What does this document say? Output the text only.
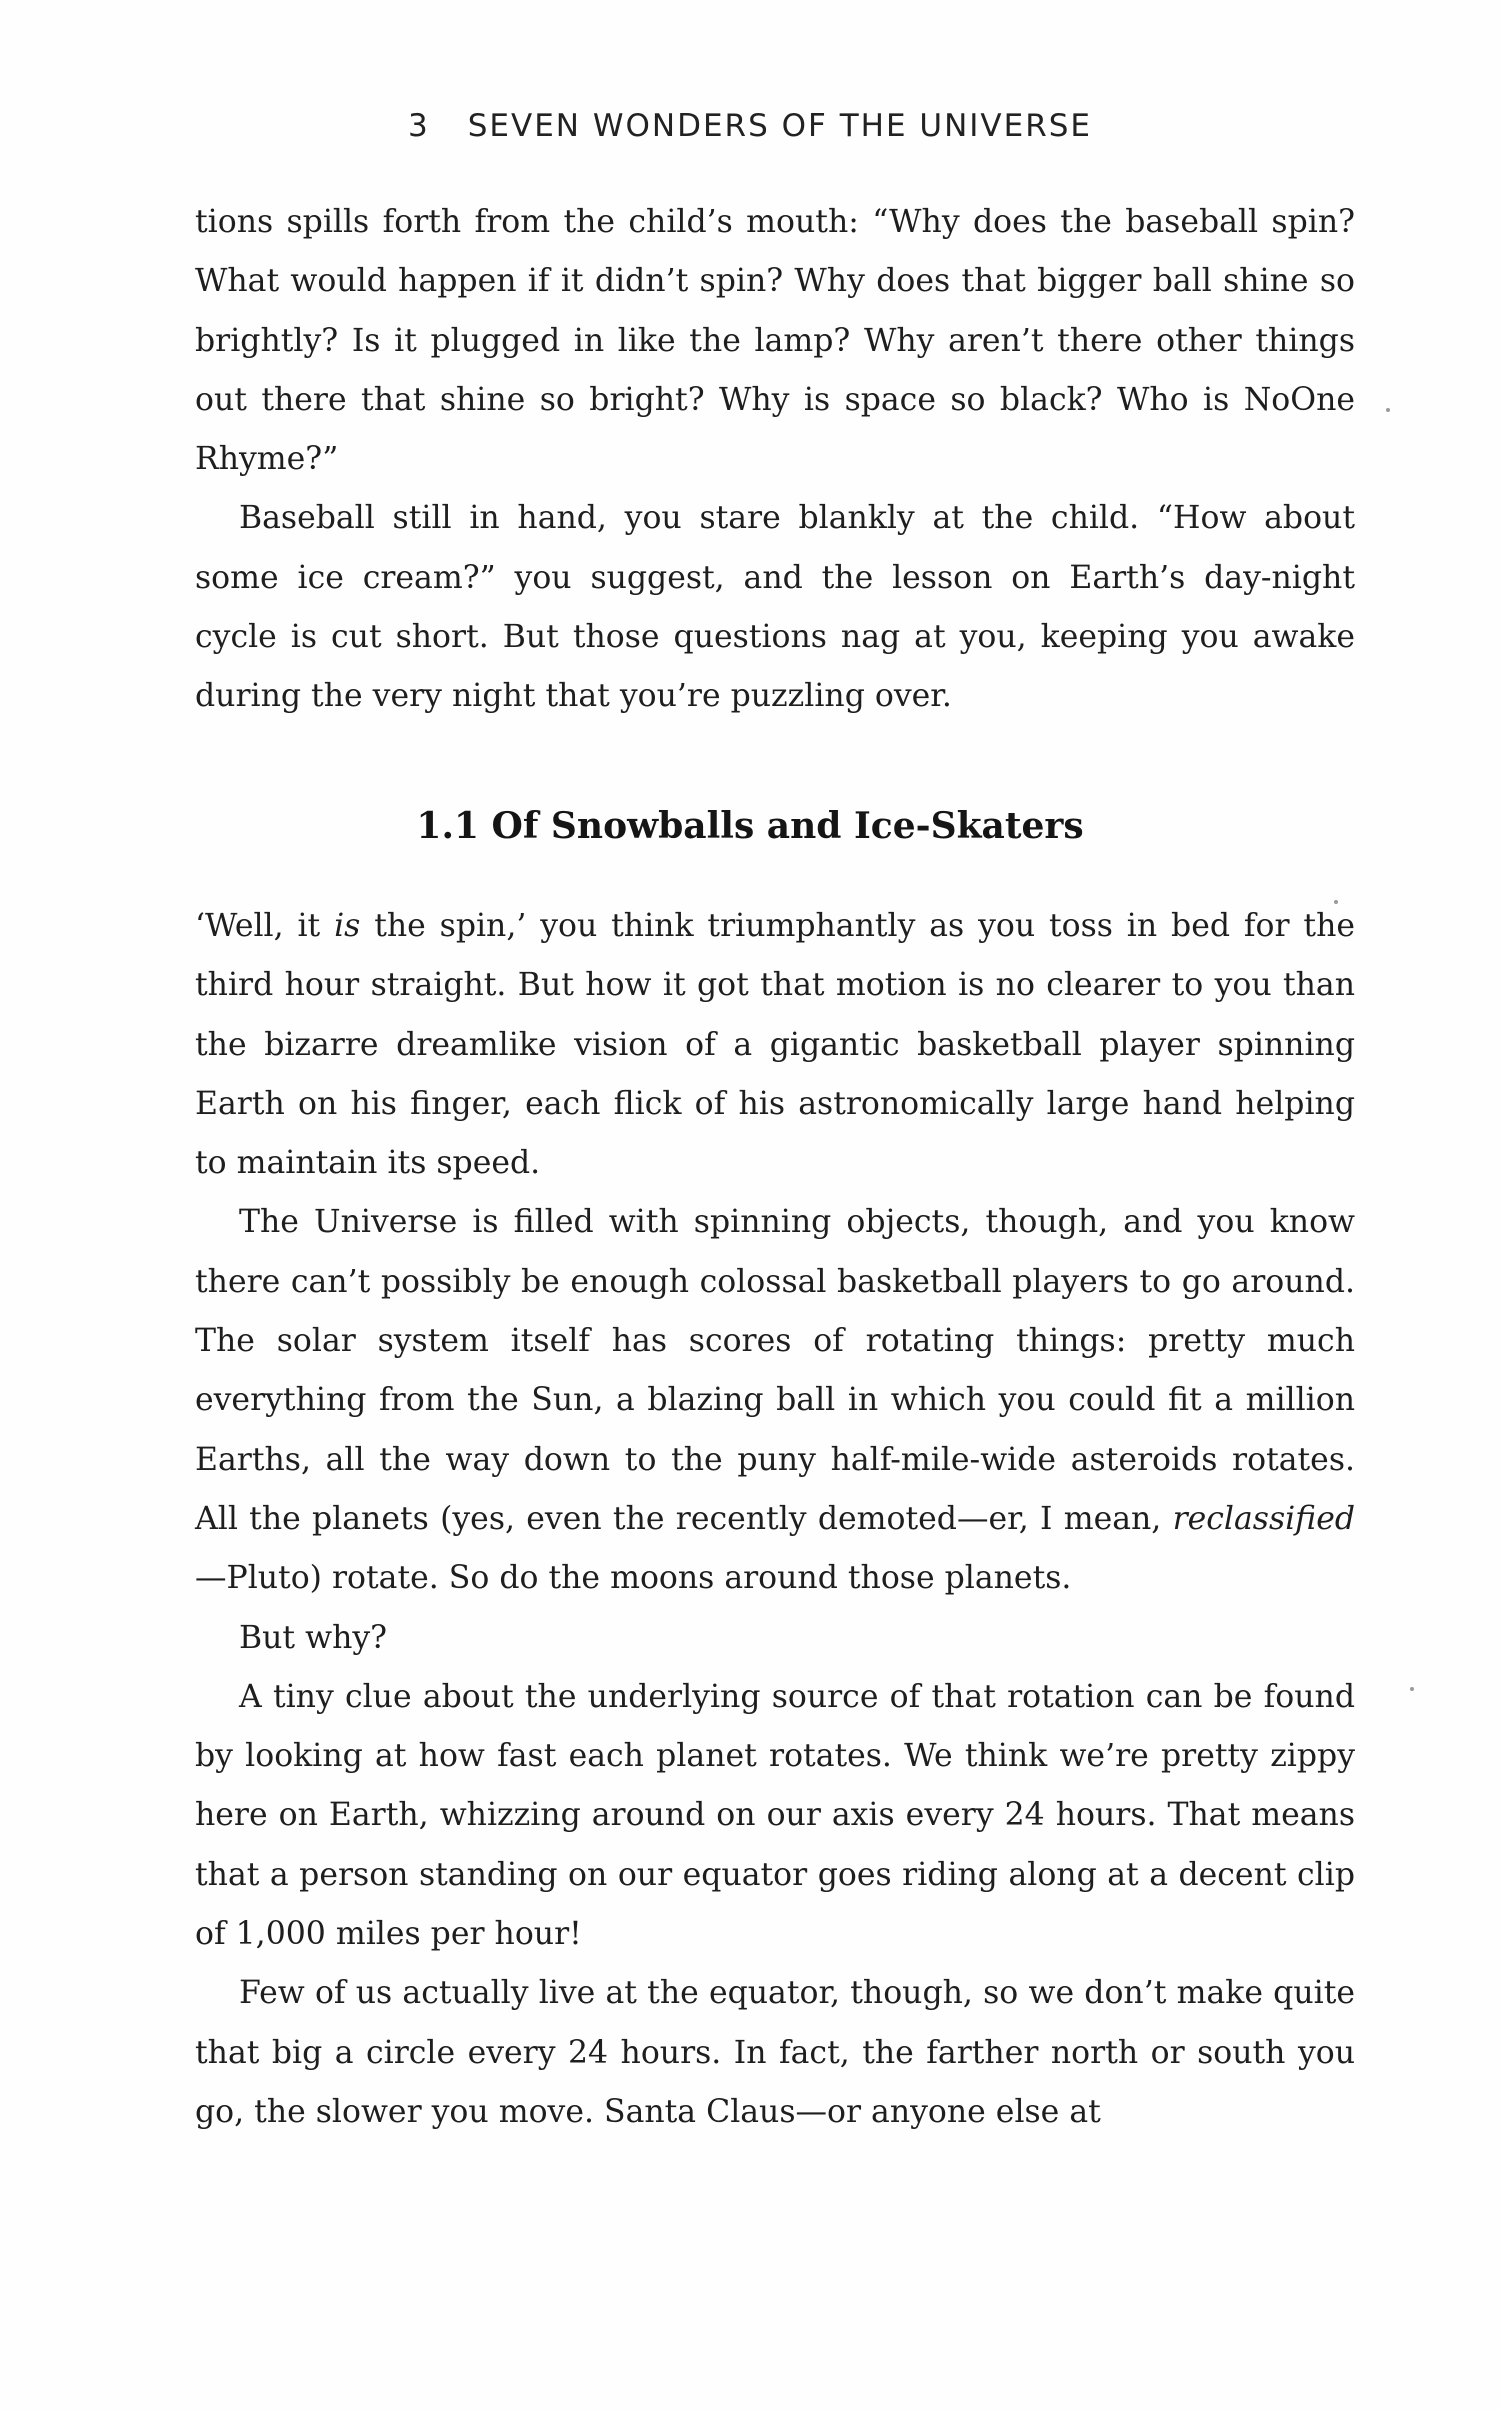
3 SEVEN WONDERS OF THE UNIVERSE

tions spills forth from the child’s mouth: “Why does the baseball spin? What would happen if it didn’t spin? Why does that bigger ball shine so brightly? Is it plugged in like the lamp? Why aren’t there other things out there that shine so bright? Why is space so black? Who is NoOne Rhyme?”

Baseball still in hand, you stare blankly at the child. “How about some ice cream?” you suggest, and the lesson on Earth’s day-night cycle is cut short. But those questions nag at you, keeping you awake during the very night that you’re puzzling over.

1.1 Of Snowballs and Ice-Skaters

‘Well, it is the spin,’ you think triumphantly as you toss in bed for the third hour straight. But how it got that motion is no clearer to you than the bizarre dreamlike vision of a gigantic basketball player spinning Earth on his finger, each flick of his astronomically large hand helping to maintain its speed.

The Universe is filled with spinning objects, though, and you know there can’t possibly be enough colossal basketball players to go around. The solar system itself has scores of rotating things: pretty much everything from the Sun, a blazing ball in which you could fit a million Earths, all the way down to the puny half-mile-wide asteroids rotates. All the planets (yes, even the recently demoted—er, I mean, reclassified—Pluto) rotate. So do the moons around those planets.

But why?

A tiny clue about the underlying source of that rotation can be found by looking at how fast each planet rotates. We think we’re pretty zippy here on Earth, whizzing around on our axis every 24 hours. That means that a person standing on our equator goes riding along at a decent clip of 1,000 miles per hour!

Few of us actually live at the equator, though, so we don’t make quite that big a circle every 24 hours. In fact, the farther north or south you go, the slower you move. Santa Claus—or anyone else at
